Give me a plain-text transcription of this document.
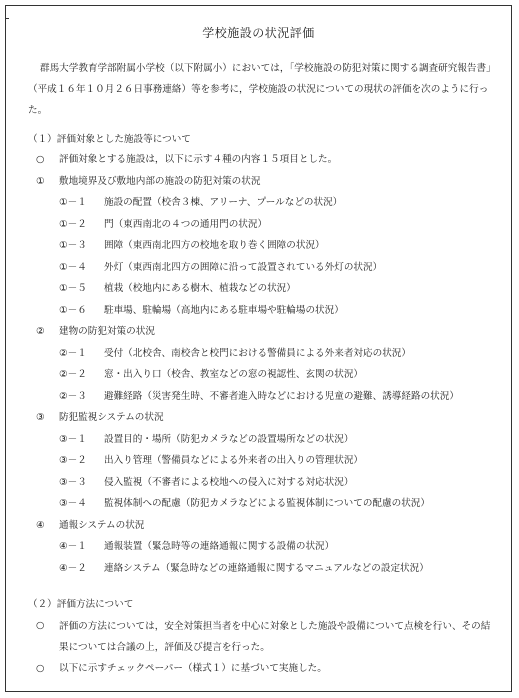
学校施設の状況評価
群馬大学教育学部附属小学校（以下附属小）においては，「学校施設の防犯対策に関する調査研究報告書」（平成１６年１０月２６日事務連絡）等を参考に，学校施設の状況についての現状の評価を次のように行った。
（１）評価対象とした施設等について
○	評価対象とする施設は，以下に示す４種の内容１５項目とした。
①	敷地境界及び敷地内部の施設の防犯対策の状況
①－１ 施設の配置（校舎３棟、アリーナ、プールなどの状況）
①－２ 門（東西南北の４つの通用門の状況）
①－３ 囲障（東西南北四方の校地を取り巻く囲障の状況）
①－４ 外灯（東西南北四方の囲障に沿って設置されている外灯の状況）
①－５ 植栽（校地内にある樹木、植栽などの状況）
①－６ 駐車場、駐輪場（高地内にある駐車場や駐輪場の状況）
②	建物の防犯対策の状況
②－１ 受付（北校舎、南校舎と校門における警備員による外来者対応の状況）
②－２ 窓・出入り口（校舎、教室などの窓の視認性、玄関の状況）
②－３ 避難経路（災害発生時、不審者進入時などにおける児童の避難、誘導経路の状況）
③	防犯監視システムの状況
③－１ 設置目的・場所（防犯カメラなどの設置場所などの状況）
③－２ 出入り管理（警備員などによる外来者の出入りの管理状況）
③－３ 侵入監視（不審者による校地への侵入に対する対応状況）
③－４ 監視体制への配慮（防犯カメラなどによる監視体制についての配慮の状況）
④	通報システムの状況
④－１ 通報装置（緊急時等の連絡通報に関する設備の状況）
④－２ 連絡システム（緊急時などの連絡通報に関するマニュアルなどの設定状況）
（２）評価方法について
○	評価の方法については，安全対策担当者を中心に対象とした施設や設備について点検を行い、その結果については合議の上，評価及び提言を行った。
○	以下に示すチェックペーパー（様式１）に基づいて実施した。
